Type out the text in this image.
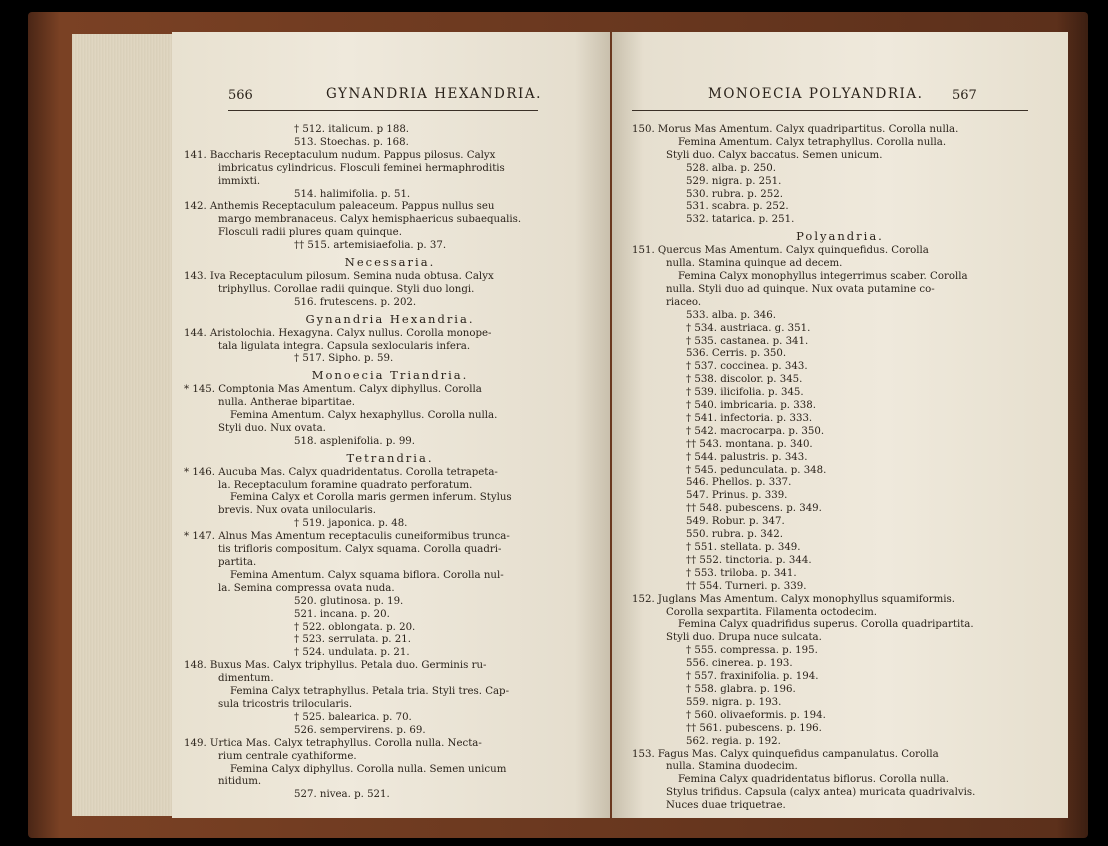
566	GYNANDRIA HEXANDRIA.
† 512. italicum. p 188.
513. Stoechas. p. 168.
141. Baccharis Receptaculum nudum. Pappus pilosus. Calyx
imbricatus cylindricus. Flosculi feminei hermaphroditis
immixti.
514. halimifolia. p. 51.
142. Anthemis Receptaculum paleaceum. Pappus nullus seu
margo membranaceus. Calyx hemisphaericus subaequalis.
Flosculi radii plures quam quinque.
†† 515. artemisiaefolia. p. 37.
Necessaria.
143. Iva Receptaculum pilosum. Semina nuda obtusa. Calyx
triphyllus. Corollae radii quinque. Styli duo longi.
516. frutescens. p. 202.
Gynandria Hexandria.
144. Aristolochia. Hexagyna. Calyx nullus. Corolla monope-
tala ligulata integra. Capsula sexlocularis infera.
† 517. Sipho. p. 59.
Monoecia Triandria.
* 145. Comptonia Mas Amentum. Calyx diphyllus. Corolla
nulla. Antherae bipartitae.
Femina Amentum. Calyx hexaphyllus. Corolla nulla.
Styli duo. Nux ovata.
518. asplenifolia. p. 99.
Tetrandria.
* 146. Aucuba Mas. Calyx quadridentatus. Corolla tetrapeta-
la. Receptaculum foramine quadrato perforatum.
Femina Calyx et Corolla maris germen inferum. Stylus
brevis. Nux ovata unilocularis.
† 519. japonica. p. 48.
* 147. Alnus Mas Amentum receptaculis cuneiformibus trunca-
tis trifloris compositum. Calyx squama. Corolla quadri-
partita.
Femina Amentum. Calyx squama biflora. Corolla nul-
la. Semina compressa ovata nuda.
520. glutinosa. p. 19.
521. incana. p. 20.
† 522. oblongata. p. 20.
† 523. serrulata. p. 21.
† 524. undulata. p. 21.
148. Buxus Mas. Calyx triphyllus. Petala duo. Germinis ru-
dimentum.
Femina Calyx tetraphyllus. Petala tria. Styli tres. Cap-
sula tricostris trilocularis.
† 525. balearica. p. 70.
526. sempervirens. p. 69.
149. Urtica Mas. Calyx tetraphyllus. Corolla nulla. Necta-
rium centrale cyathiforme.
Femina Calyx diphyllus. Corolla nulla. Semen unicum
nitidum.
527. nivea. p. 521.
MONOECIA POLYANDRIA. 567
150. Morus Mas Amentum. Calyx quadripartitus. Corolla nulla.
Femina Amentum. Calyx tetraphyllus. Corolla nulla.
Styli duo. Calyx baccatus. Semen unicum.
528. alba. p. 250.
529. nigra. p. 251.
530. rubra. p. 252.
531. scabra. p. 252.
532. tatarica. p. 251.
Polyandria.
151. Quercus Mas Amentum. Calyx quinquefidus. Corolla
nulla. Stamina quinque ad decem.
Femina Calyx monophyllus integerrimus scaber. Corolla
nulla. Styli duo ad quinque. Nux ovata putamine co-
riaceo.
533. alba. p. 346.
† 534. austriaca. g. 351.
† 535. castanea. p. 341.
536. Cerris. p. 350.
† 537. coccinea. p. 343.
† 538. discolor. p. 345.
† 539. ilicifolia. p. 345.
† 540. imbricaria. p. 338.
† 541. infectoria. p. 333.
† 542. macrocarpa. p. 350.
†† 543. montana. p. 340.
† 544. palustris. p. 343.
† 545. pedunculata. p. 348.
546. Phellos. p. 337.
547. Prinus. p. 339.
†† 548. pubescens. p. 349.
549. Robur. p. 347.
550. rubra. p. 342.
† 551. stellata. p. 349.
†† 552. tinctoria. p. 344.
† 553. triloba. p. 341.
†† 554. Turneri. p. 339.
152. Juglans Mas Amentum. Calyx monophyllus squamiformis.
Corolla sexpartita. Filamenta octodecim.
Femina Calyx quadrifidus superus. Corolla quadripartita.
Styli duo. Drupa nuce sulcata.
† 555. compressa. p. 195.
556. cinerea. p. 193.
† 557. fraxinifolia. p. 194.
† 558. glabra. p. 196.
559. nigra. p. 193.
† 560. olivaeformis. p. 194.
†† 561. pubescens. p. 196.
562. regia. p. 192.
153. Fagus Mas. Calyx quinquefidus campanulatus. Corolla
nulla. Stamina duodecim.
Femina Calyx quadridentatus biflorus. Corolla nulla.
Stylus trifidus. Capsula (calyx antea) muricata quadrivalvis.
Nuces duae triquetrae.
